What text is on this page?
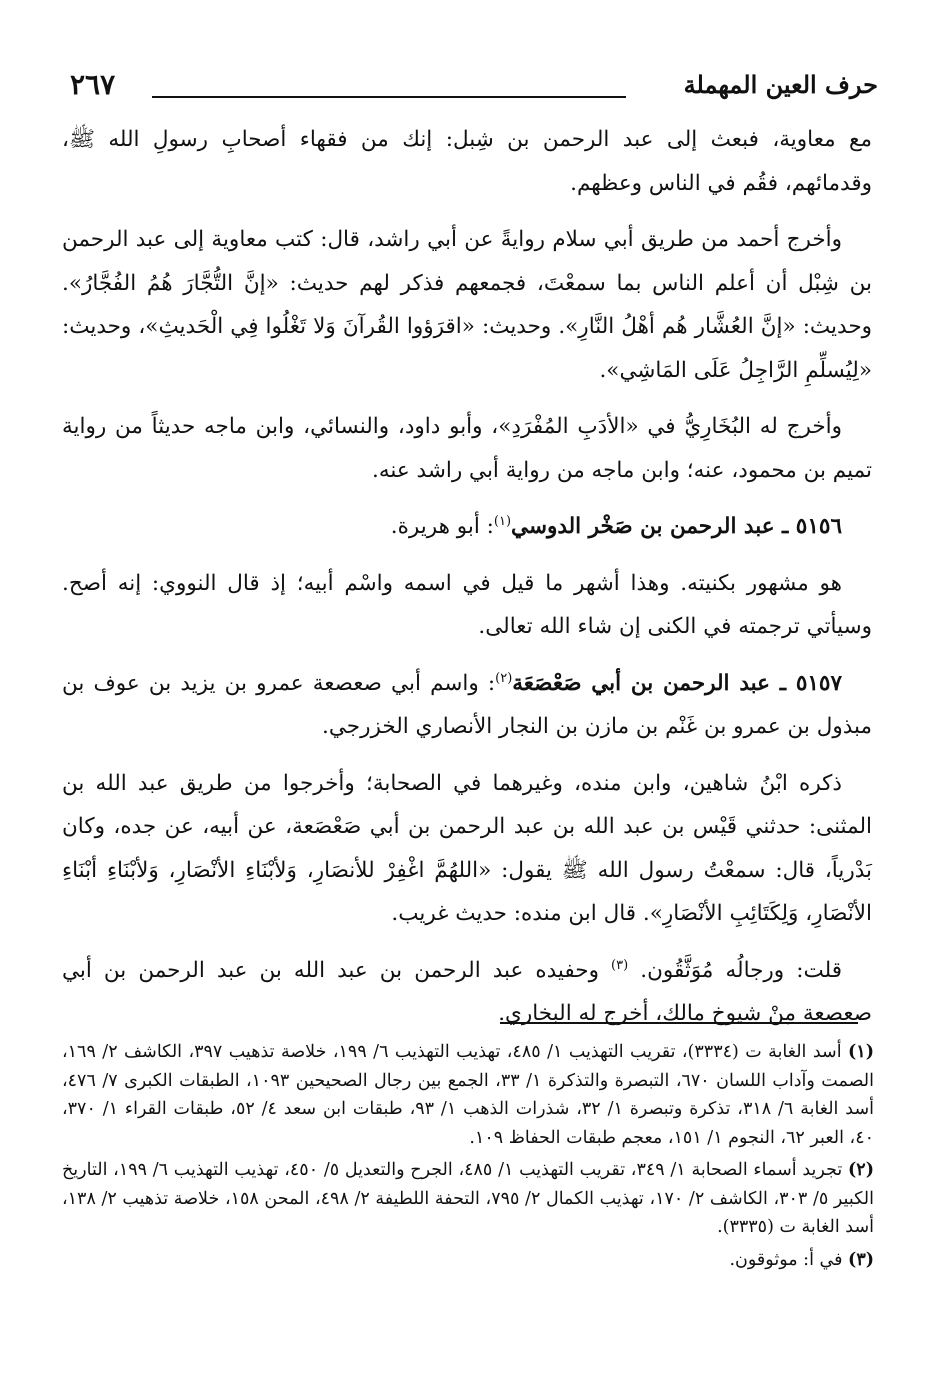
حرف العين المهملة
٢٦٧

مع معاوية، فبعث إلى عبد الرحمن بن شِبل: إنك من فقهاء أصحابِ رسولِ الله ﷺ، وقدمائهم، فقُم في الناس وعظهم.

وأخرج أحمد من طريق أبي سلام روايةً عن أبي راشد، قال: كتب معاوية إلى عبد الرحمن بن شِبْل أن أعلم الناس بما سمعْتَ، فجمعهم فذكر لهم حديث: «إنَّ التُّجَّارَ هُمُ الفُجَّارُ». وحديث: «إنَّ العُشَّار هُم أهْلُ النَّارِ». وحديث: «اقرَؤوا القُرآنَ وَلا تَغْلُوا فِي الْحَديثِ»، وحديث: «لِيُسلِّمِ الرَّاجِلُ عَلَى المَاشِي».

وأخرج له البُخَارِيُّ في «الأدَبِ المُفْرَدِ»، وأبو داود، والنسائي، وابن ماجه حديثاً من رواية تميم بن محمود، عنه؛ وابن ماجه من رواية أبي راشد عنه.

٥١٥٦ ـ عبد الرحمن بن صَخْر الدوسي$^{(١)}$: أبو هريرة.

هو مشهور بكنيته. وهذا أشهر ما قيل في اسمه واسْم أبيه؛ إذ قال النووي: إنه أصح. وسيأتي ترجمته في الكنى إن شاء الله تعالى.

٥١٥٧ ـ عبد الرحمن بن أبي صَعْصَعَة$^{(٢)}$: واسم أبي صعصعة عمرو بن يزيد بن عوف بن مبذول بن عمرو بن غَنْم بن مازن بن النجار الأنصاري الخزرجي.

ذكره ابْنُ شاهين، وابن منده، وغيرهما في الصحابة؛ وأخرجوا من طريق عبد الله بن المثنى: حدثني قَيْس بن عبد الله بن عبد الرحمن بن أبي صَعْصَعة، عن أبيه، عن جده، وكان بَدْرياً، قال: سمعْتُ رسول الله ﷺ يقول: «اللهُمَّ اغْفِرْ للأنصَارِ، وَلأبْنَاءِ الأنْصَارِ، وَلأبْنَاءِ أبْنَاءِ الأنْصَارِ، وَلِكَتَائِبِ الأنْصَارِ». قال ابن منده: حديث غريب.

قلت: ورجالُه مُوَثَّقُون. $^{(٣)}$ وحفيده عبد الرحمن بن عبد الله بن عبد الرحمن بن أبي صعصعة مِنْ شيوخ مالك، أخرج له البخاري.

(١) أسد الغابة ت (٣٣٣٤)، تقريب التهذيب ١/ ٤٨٥، تهذيب التهذيب ٦/ ١٩٩، خلاصة تذهيب ٣٩٧، الكاشف ٢/ ١٦٩، الصمت وآداب اللسان ٦٧٠، التبصرة والتذكرة ١/ ٣٣، الجمع بين رجال الصحيحين ١٠٩٣، الطبقات الكبرى ٧/ ٤٧٦، أسد الغابة ٦/ ٣١٨، تذكرة وتبصرة ١/ ٣٢، شذرات الذهب ١/ ٩٣، طبقات ابن سعد ٤/ ٥٢، طبقات القراء ١/ ٣٧٠، ٤٠، العبر ٦٢، النجوم ١/ ١٥١، معجم طبقات الحفاظ ١٠٩.

(٢) تجريد أسماء الصحابة ١/ ٣٤٩، تقريب التهذيب ١/ ٤٨٥، الجرح والتعديل ٥/ ٤٥٠، تهذيب التهذيب ٦/ ١٩٩، التاريخ الكبير ٥/ ٣٠٣، الكاشف ٢/ ١٧٠، تهذيب الكمال ٢/ ٧٩٥، التحفة اللطيفة ٢/ ٤٩٨، المحن ١٥٨، خلاصة تذهيب ٢/ ١٣٨، أسد الغابة ت (٣٣٣٥).

(٣) في أ: موثوقون.
